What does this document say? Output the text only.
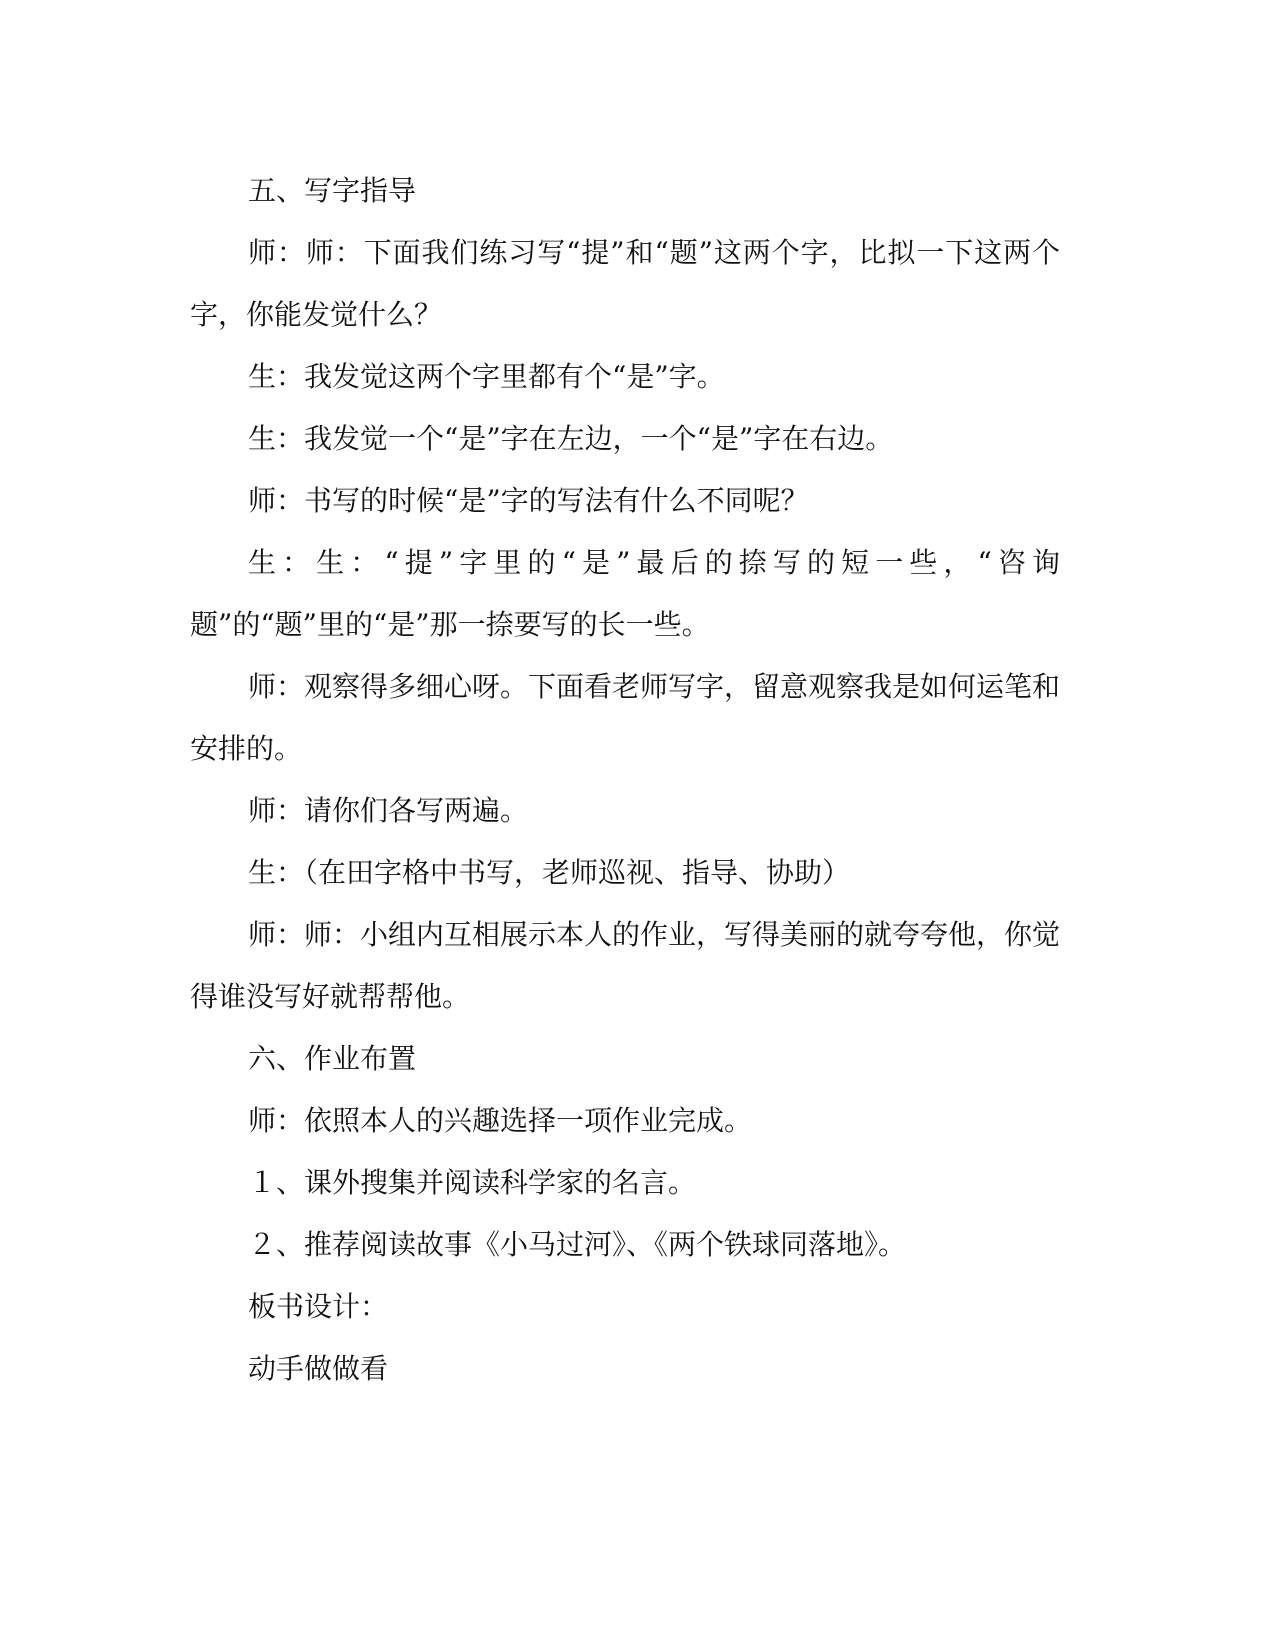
五、写字指导

师：师：下面我们练习写“提”和“题”这两个字，比拟一下这两个字，你能发觉什么？

生：我发觉这两个字里都有个“是”字。

生：我发觉一个“是”字在左边，一个“是”字在右边。

师：书写的时候“是”字的写法有什么不同呢？

生：生：“提”字里的“是”最后的捺写的短一些，“咨询题”的“题”里的“是”那一捺要写的长一些。

师：观察得多细心呀。下面看老师写字，留意观察我是如何运笔和安排的。

师：请你们各写两遍。

生：（在田字格中书写，老师巡视、指导、协助）

师：师：小组内互相展示本人的作业，写得美丽的就夸夸他，你觉得谁没写好就帮帮他。

六、作业布置

师：依照本人的兴趣选择一项作业完成。

１、课外搜集并阅读科学家的名言。

２、推荐阅读故事《小马过河》、《两个铁球同落地》。

板书设计：

动手做做看
